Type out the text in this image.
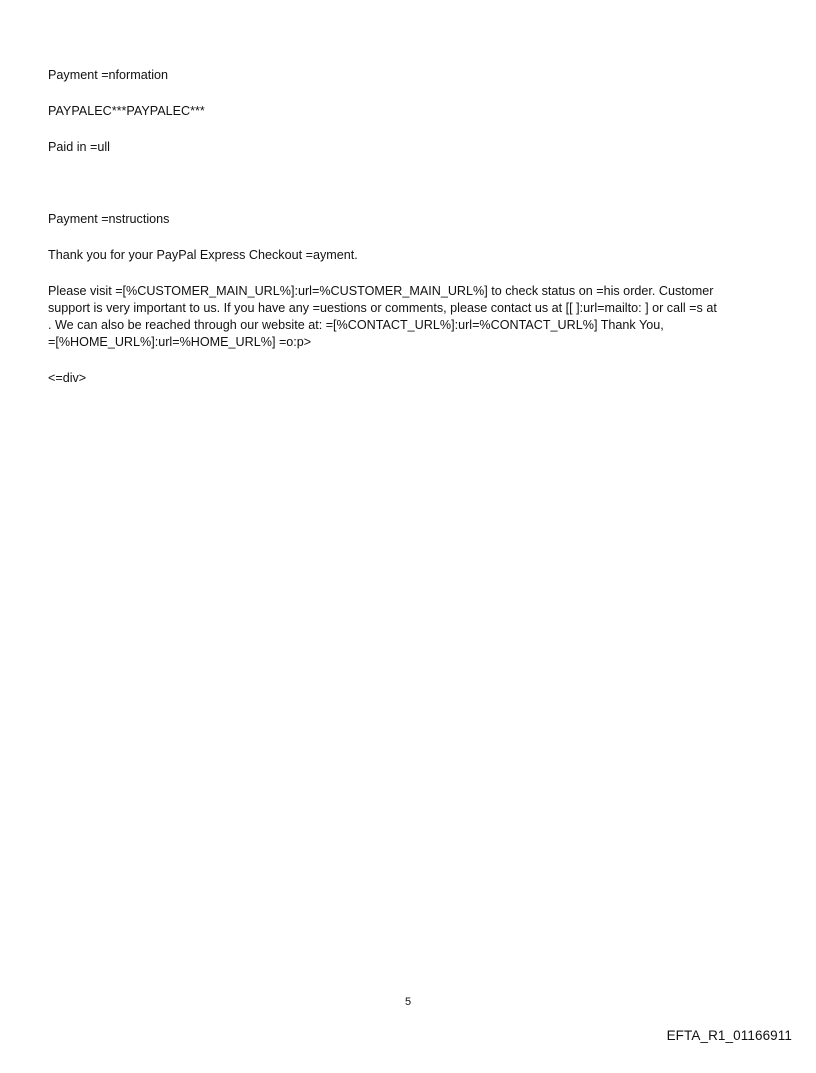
Payment =nformation

PAYPALEC***PAYPALEC***

Paid in =ull

Payment =nstructions

Thank you for your PayPal Express Checkout =ayment.

Please visit =[%CUSTOMER_MAIN_URL%]:url=%CUSTOMER_MAIN_URL%] to check status on =his order. Customer
support is very important to us. If you have any =uestions or comments, please contact us at [[ ]:url=mailto: ] or call =s at
. We can also be reached through our website at: =[%CONTACT_URL%]:url=%CONTACT_URL%] Thank You,
=[%HOME_URL%]:url=%HOME_URL%] =o:p>

<=div>

5
EFTA_R1_01166911
